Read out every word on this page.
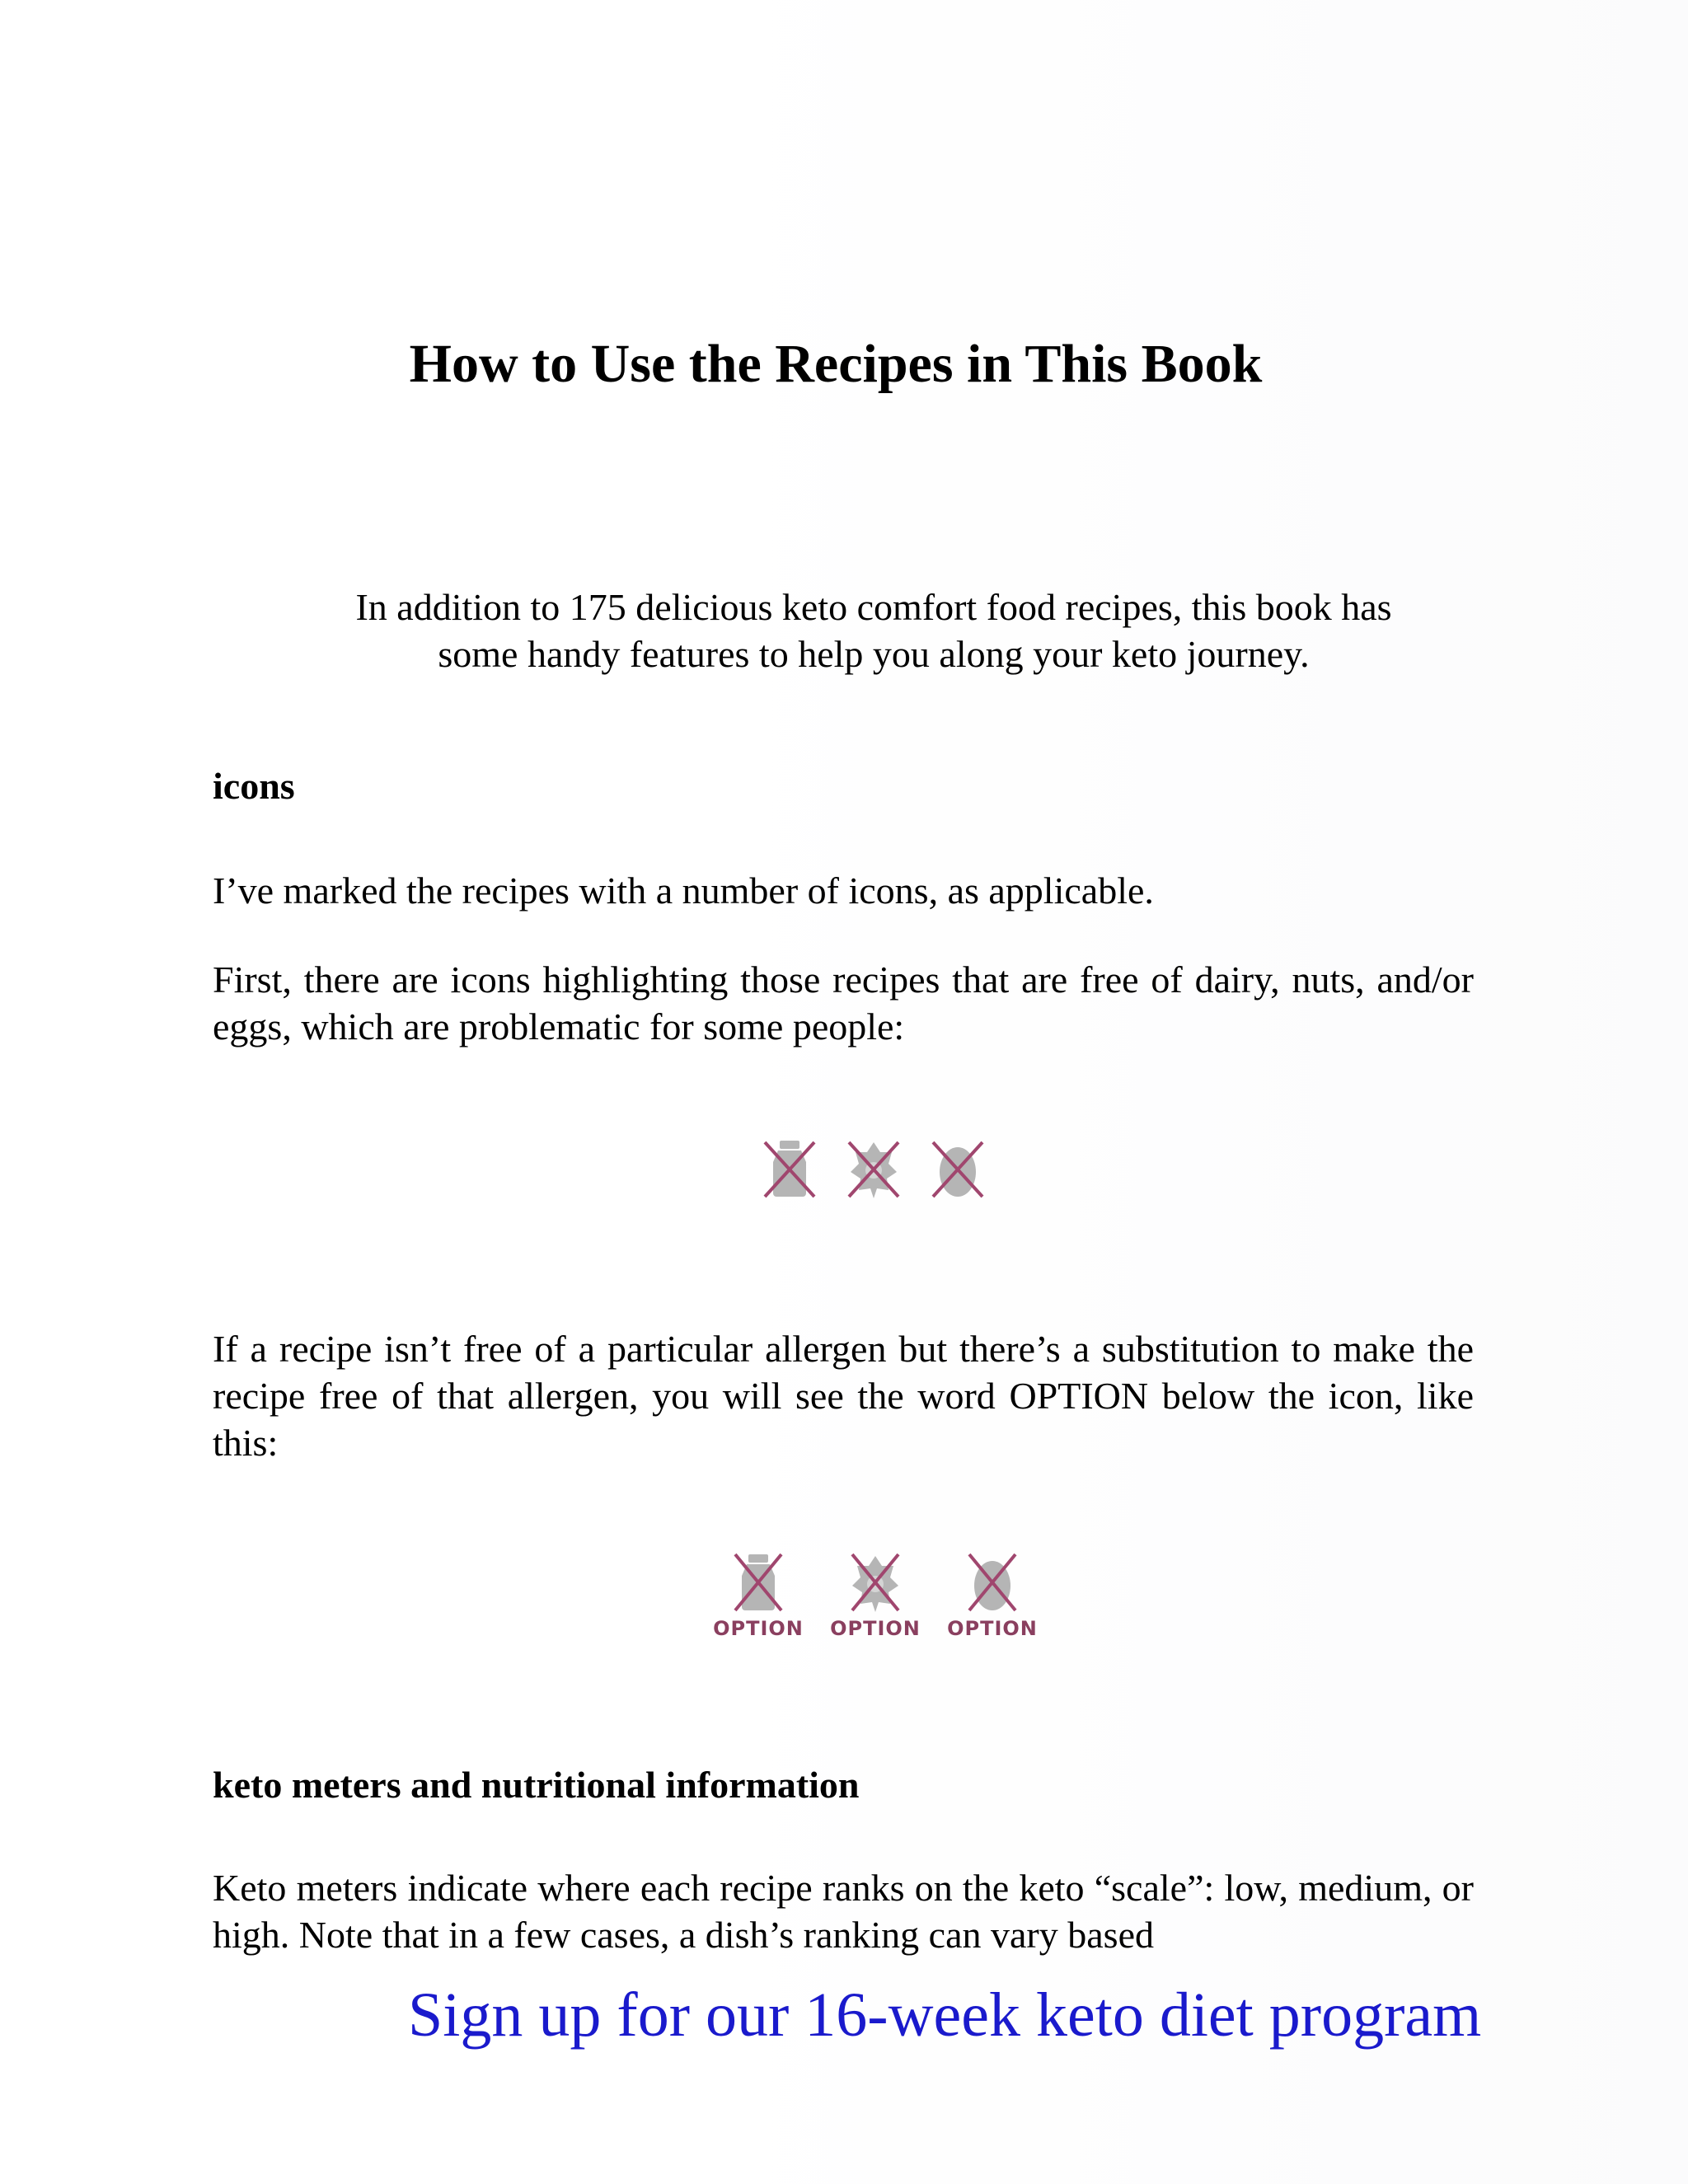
How to Use the Recipes in This Book
In addition to 175 delicious keto comfort food recipes, this book has
some handy features to help you along your keto journey.
icons
I’ve marked the recipes with a number of icons, as applicable.
First, there are icons highlighting those recipes that are free of dairy, nuts, and/or eggs, which are problematic for some people:
If a recipe isn’t free of a particular allergen but there’s a substitution to make the recipe free of that allergen, you will see the word OPTION below the icon, like this:
OPTION OPTION OPTION
keto meters and nutritional information
Keto meters indicate where each recipe ranks on the keto “scale”: low, medium, or high. Note that in a few cases, a dish’s ranking can vary based
Sign up for our 16-week keto diet program
